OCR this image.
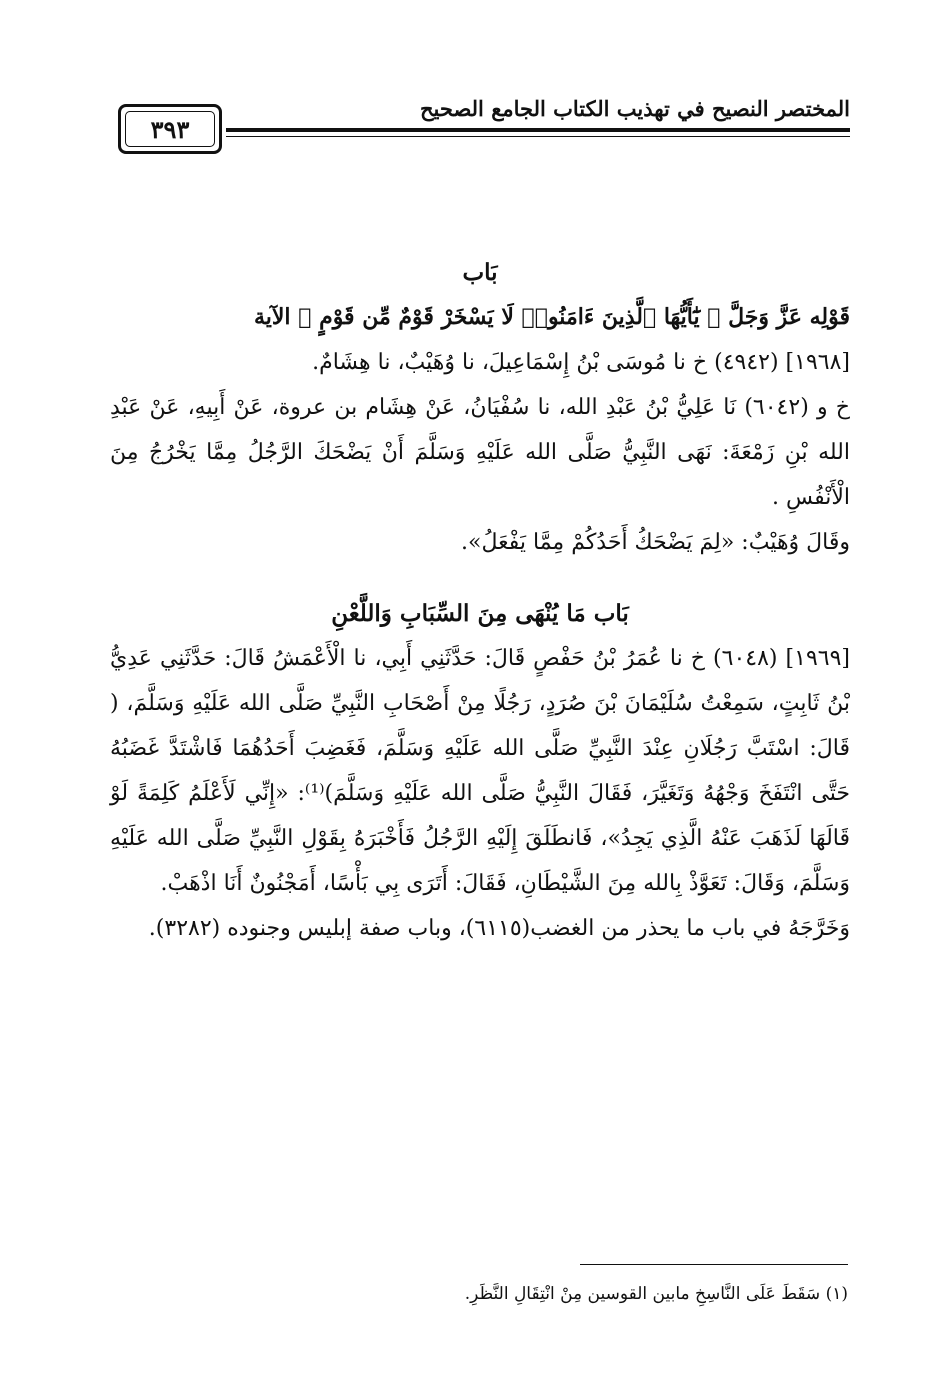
المختصر النصيح في تهذيب الكتاب الجامع الصحيح
٣٩٣

بَاب

قَوْلِه عَزَّ وَجَلَّ ﴿ يَٰٓأَيُّهَا ٱلَّذِينَ ءَامَنُوا۟ لَا يَسْخَرْ قَوْمٌ مِّن قَوْمٍ ﴾ الآية

[١٩٦٨] (٤٩٤٢) خ نا مُوسَى بْنُ إِسْمَاعِيلَ، نا وُهَيْبٌ، نا هِشَامٌ.

خ و (٦٠٤٢) نَا عَلِيُّ بْنُ عَبْدِ الله، نا سُفْيَانُ، عَنْ هِشَام بن عروة، عَنْ أَبِيهِ، عَنْ عَبْدِ الله بْنِ زَمْعَةَ: نَهَى النَّبِيُّ صَلَّى الله عَلَيْهِ وَسَلَّمَ أَنْ يَضْحَكَ الرَّجُلُ مِمَّا يَخْرُجُ مِنَ الْأَنْفُسِ .

وقَالَ وُهَيْبٌ: «لِمَ يَضْحَكُ أَحَدُكُمْ مِمَّا يَفْعَلُ».

بَاب مَا يُنْهَى مِنَ السِّبَابِ وَاللَّعْنِ

[١٩٦٩] (٦٠٤٨) خ نا عُمَرُ بْنُ حَفْصٍ قَالَ: حَدَّثَنِي أَبِي، نا الْأَعْمَشُ قَالَ: حَدَّثَنِي عَدِيُّ بْنُ ثَابِتٍ، سَمِعْتُ سُلَيْمَانَ بْنَ صُرَدٍ، رَجُلًا مِنْ أَصْحَابِ النَّبِيِّ صَلَّى الله عَلَيْهِ وَسَلَّمَ، ( قَالَ: اسْتَبَّ رَجُلَانِ عِنْدَ النَّبِيِّ صَلَّى الله عَلَيْهِ وَسَلَّمَ، فَغَضِبَ أَحَدُهُمَا فَاشْتَدَّ غَضَبُهُ حَتَّى انْتَفَخَ وَجْهُهُ وَتَغَيَّرَ، فَقَالَ النَّبِيُّ صَلَّى الله عَلَيْهِ وَسَلَّمَ)⁽¹⁾: «إِنِّي لَأَعْلَمُ كَلِمَةً لَوْ قَالَهَا لَذَهَبَ عَنْهُ الَّذِي يَجِدُ»، فَانطَلَقَ إِلَيْهِ الرَّجُلُ فَأَخْبَرَهُ بِقَوْلِ النَّبِيِّ صَلَّى الله عَلَيْهِ وَسَلَّمَ، وَقَالَ: تَعَوَّذْ بِالله مِنَ الشَّيْطَانِ، فَقَالَ: أَتَرَى بِي بَأْسًا، أَمَجْنُونٌ أَنَا اذْهَبْ.

وَخَرَّجَهُ في باب ما يحذر من الغضب(٦١١٥)، وباب صفة إبليس وجنوده (٣٢٨٢).

(١) سَقَطَ عَلَى النَّاسِخِ مابين القوسين مِنْ انْتِقَالِ النَّظَرِ.
